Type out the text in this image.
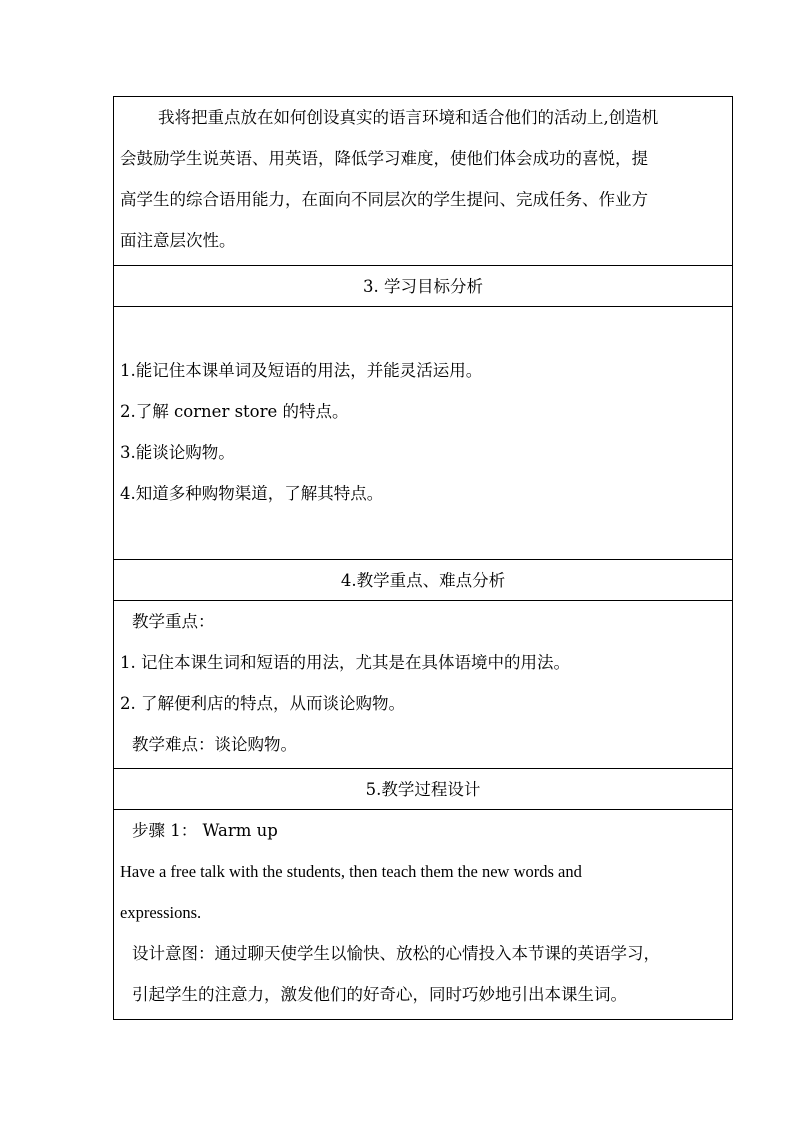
我将把重点放在如何创设真实的语言环境和适合他们的活动上,创造机

会鼓励学生说英语、用英语，降低学习难度，使他们体会成功的喜悦，提

高学生的综合语用能力，在面向不同层次的学生提问、完成任务、作业方

面注意层次性。

3. 学习目标分析

1.能记住本课单词及短语的用法，并能灵活运用。

2.了解 corner store 的特点。

3.能谈论购物。

4.知道多种购物渠道，了解其特点。

4.教学重点、难点分析

教学重点：

1. 记住本课生词和短语的用法，尤其是在具体语境中的用法。

2. 了解便利店的特点，从而谈论购物。

教学难点：谈论购物。

5.教学过程设计

步骤 1： Warm up

Have a free talk with the students, then teach them the new words and

expressions.

设计意图：通过聊天使学生以愉快、放松的心情投入本节课的英语学习，

引起学生的注意力，激发他们的好奇心，同时巧妙地引出本课生词。
